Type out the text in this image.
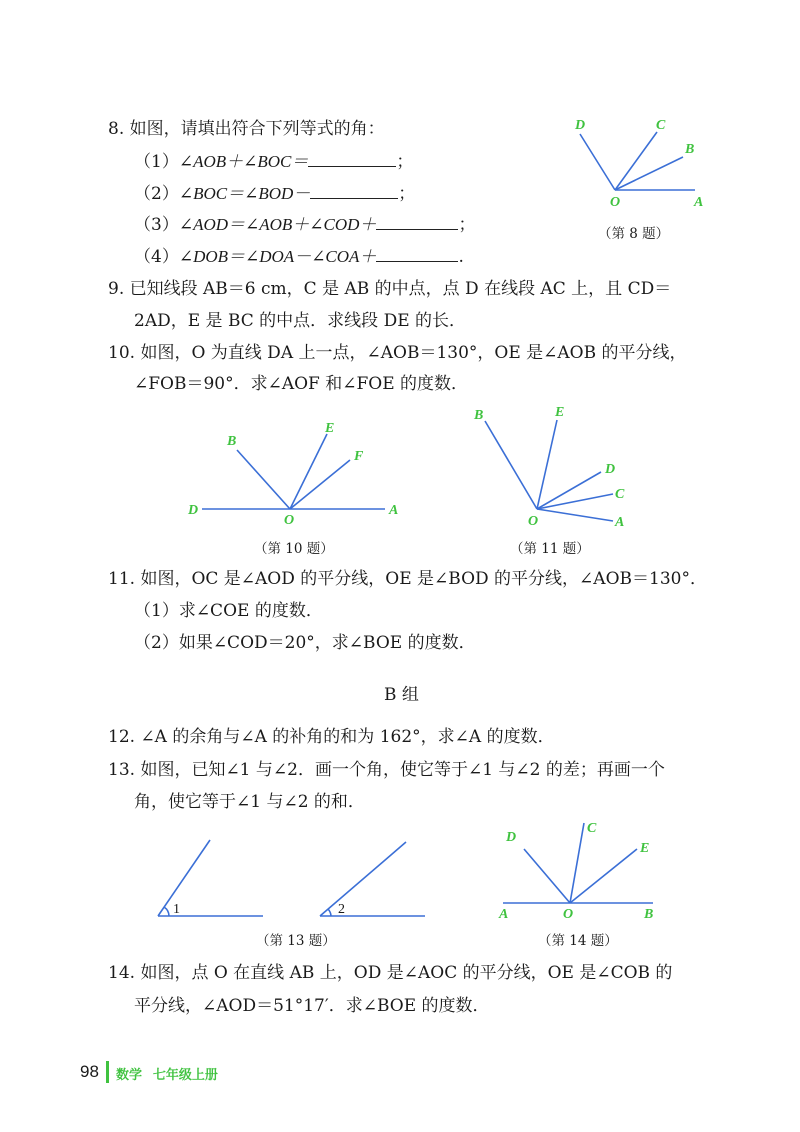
8. 如图，请填出符合下列等式的角：
（1）∠AOB＋∠BOC＝	；
（2）∠BOC＝∠BOD－	；
（3）∠AOD＝∠AOB＋∠COD＋	；
（4）∠DOB＝∠DOA－∠COA＋	.
D	C
B
A
O
（第 8 题）
9. 已知线段 AB＝6 cm，C 是 AB 的中点，点 D 在线段 AC 上，且 CD＝
2AD，E 是 BC 的中点．求线段 DE 的长．
10. 如图，O 为直线 DA 上一点，∠AOB＝130°，OE 是∠AOB 的平分线，
∠FOB＝90°．求∠AOF 和∠FOE 的度数．
B
E
F
D	A
O
（第 10 题）
B	E
D
C
A
O
（第 11 题）
11. 如图，OC 是∠AOD 的平分线，OE 是∠BOD 的平分线，∠AOB＝130°．
（1）求∠COE 的度数．
（2）如果∠COD＝20°，求∠BOE 的度数．
B 组
12. ∠A 的余角与∠A 的补角的和为 162°，求∠A 的度数．
13. 如图，已知∠1 与∠2．画一个角，使它等于∠1 与∠2 的差；再画一个
角，使它等于∠1 与∠2 的和．
1	2
（第 13 题）
D
C
E
A	O	B
（第 14 题）
14. 如图，点 O 在直线 AB 上，OD 是∠AOC 的平分线，OE 是∠COB 的
平分线，∠AOD＝51°17′．求∠BOE 的度数．
98 数学 七年级上册
